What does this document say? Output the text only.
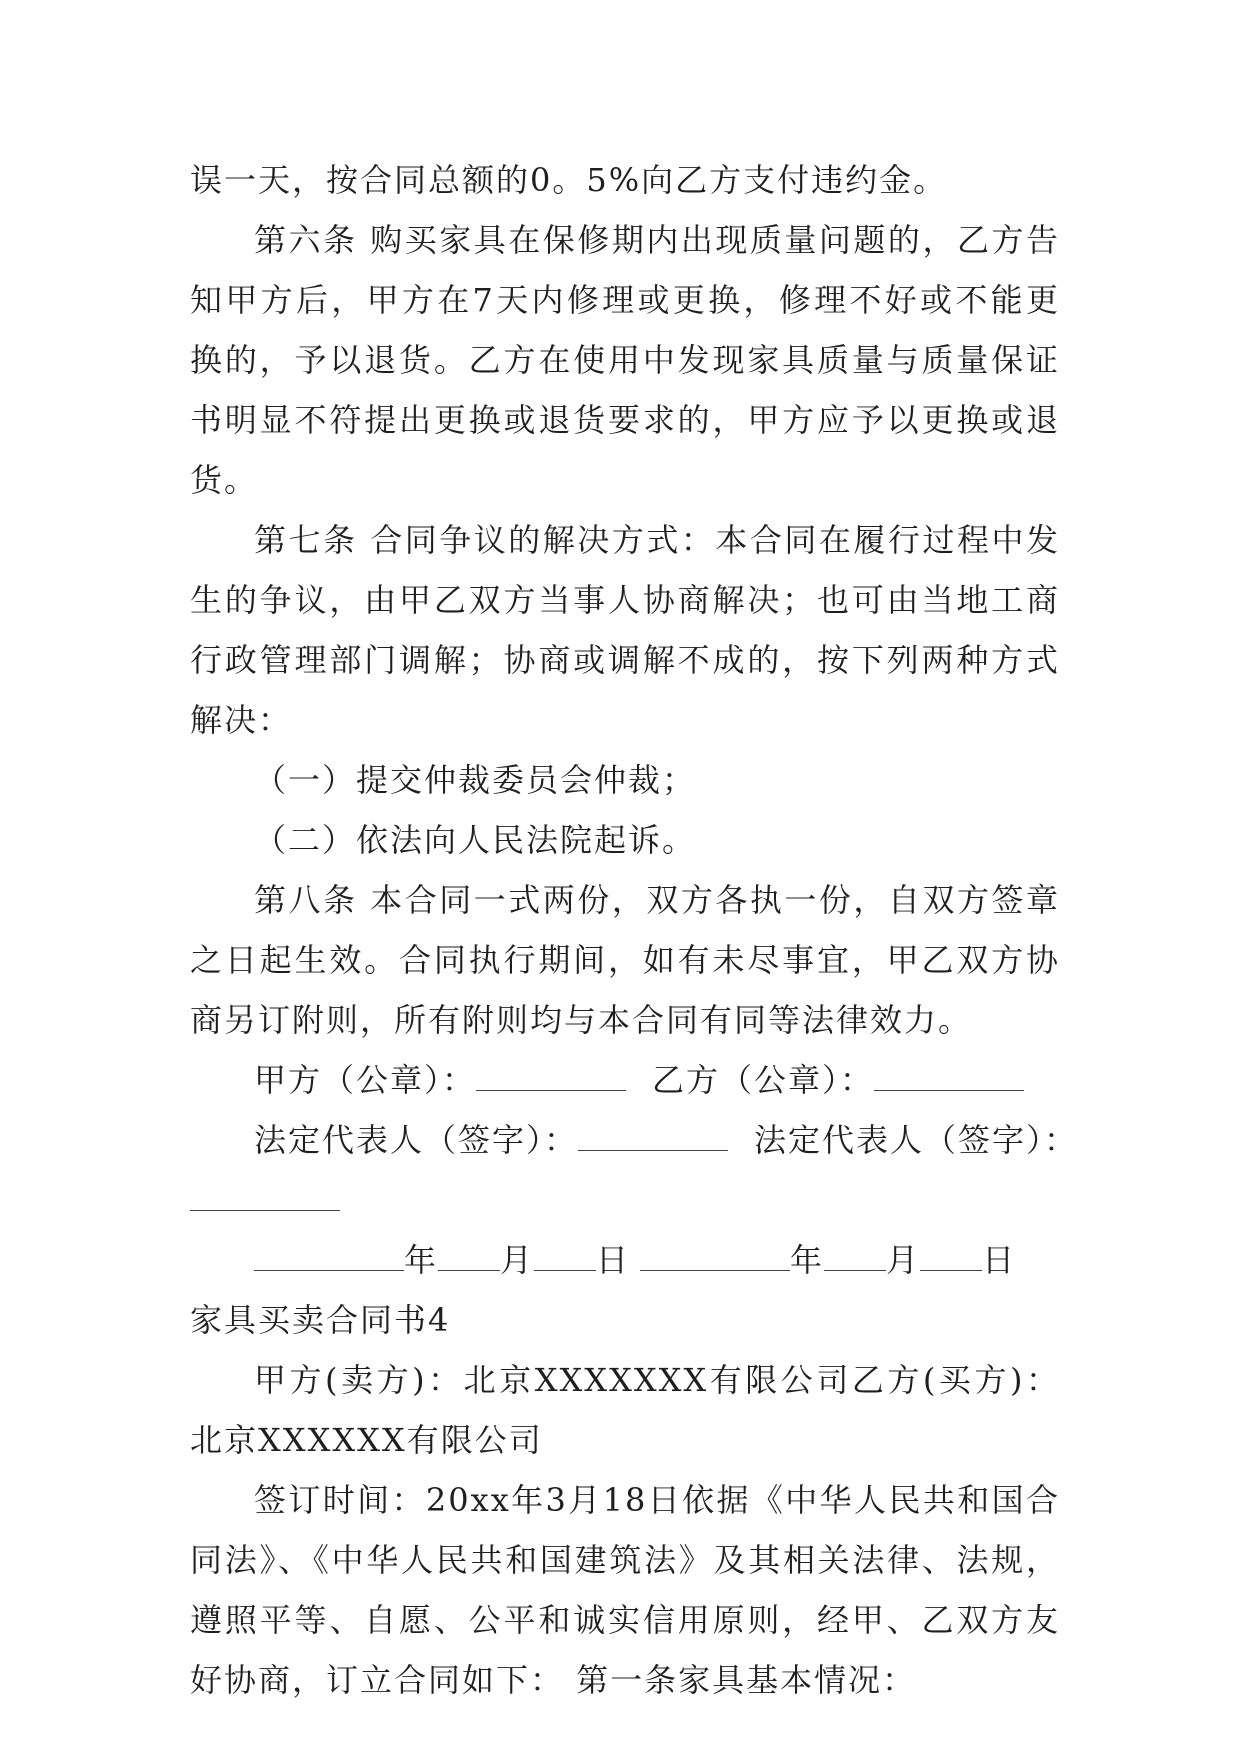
误一天，按合同总额的0。5%向乙方支付违约金。

第六条 购买家具在保修期内出现质量问题的，乙方告知甲方后，甲方在7天内修理或更换，修理不好或不能更换的，予以退货。乙方在使用中发现家具质量与质量保证书明显不符提出更换或退货要求的，甲方应予以更换或退货。

第七条 合同争议的解决方式：本合同在履行过程中发生的争议，由甲乙双方当事人协商解决；也可由当地工商行政管理部门调解；协商或调解不成的，按下列两种方式解决：

（一）提交仲裁委员会仲裁；

（二）依法向人民法院起诉。

第八条 本合同一式两份，双方各执一份，自双方签章之日起生效。合同执行期间，如有未尽事宜，甲乙双方协商另订附则，所有附则均与本合同有同等法律效力。

甲方（公章）：	乙方（公章）：

法定代表人（签字）：	法定代表人（签字）：

年 月 日	年 月 日

家具买卖合同书4

甲方(卖方)：北京XXXXXXX有限公司乙方(买方)：北京XXXXXX有限公司

签订时间：20xx年3月18日依据《中华人民共和国合同法》、《中华人民共和国建筑法》及其相关法律、法规，遵照平等、自愿、公平和诚实信用原则，经甲、乙双方友好协商，订立合同如下： 第一条家具基本情况：
